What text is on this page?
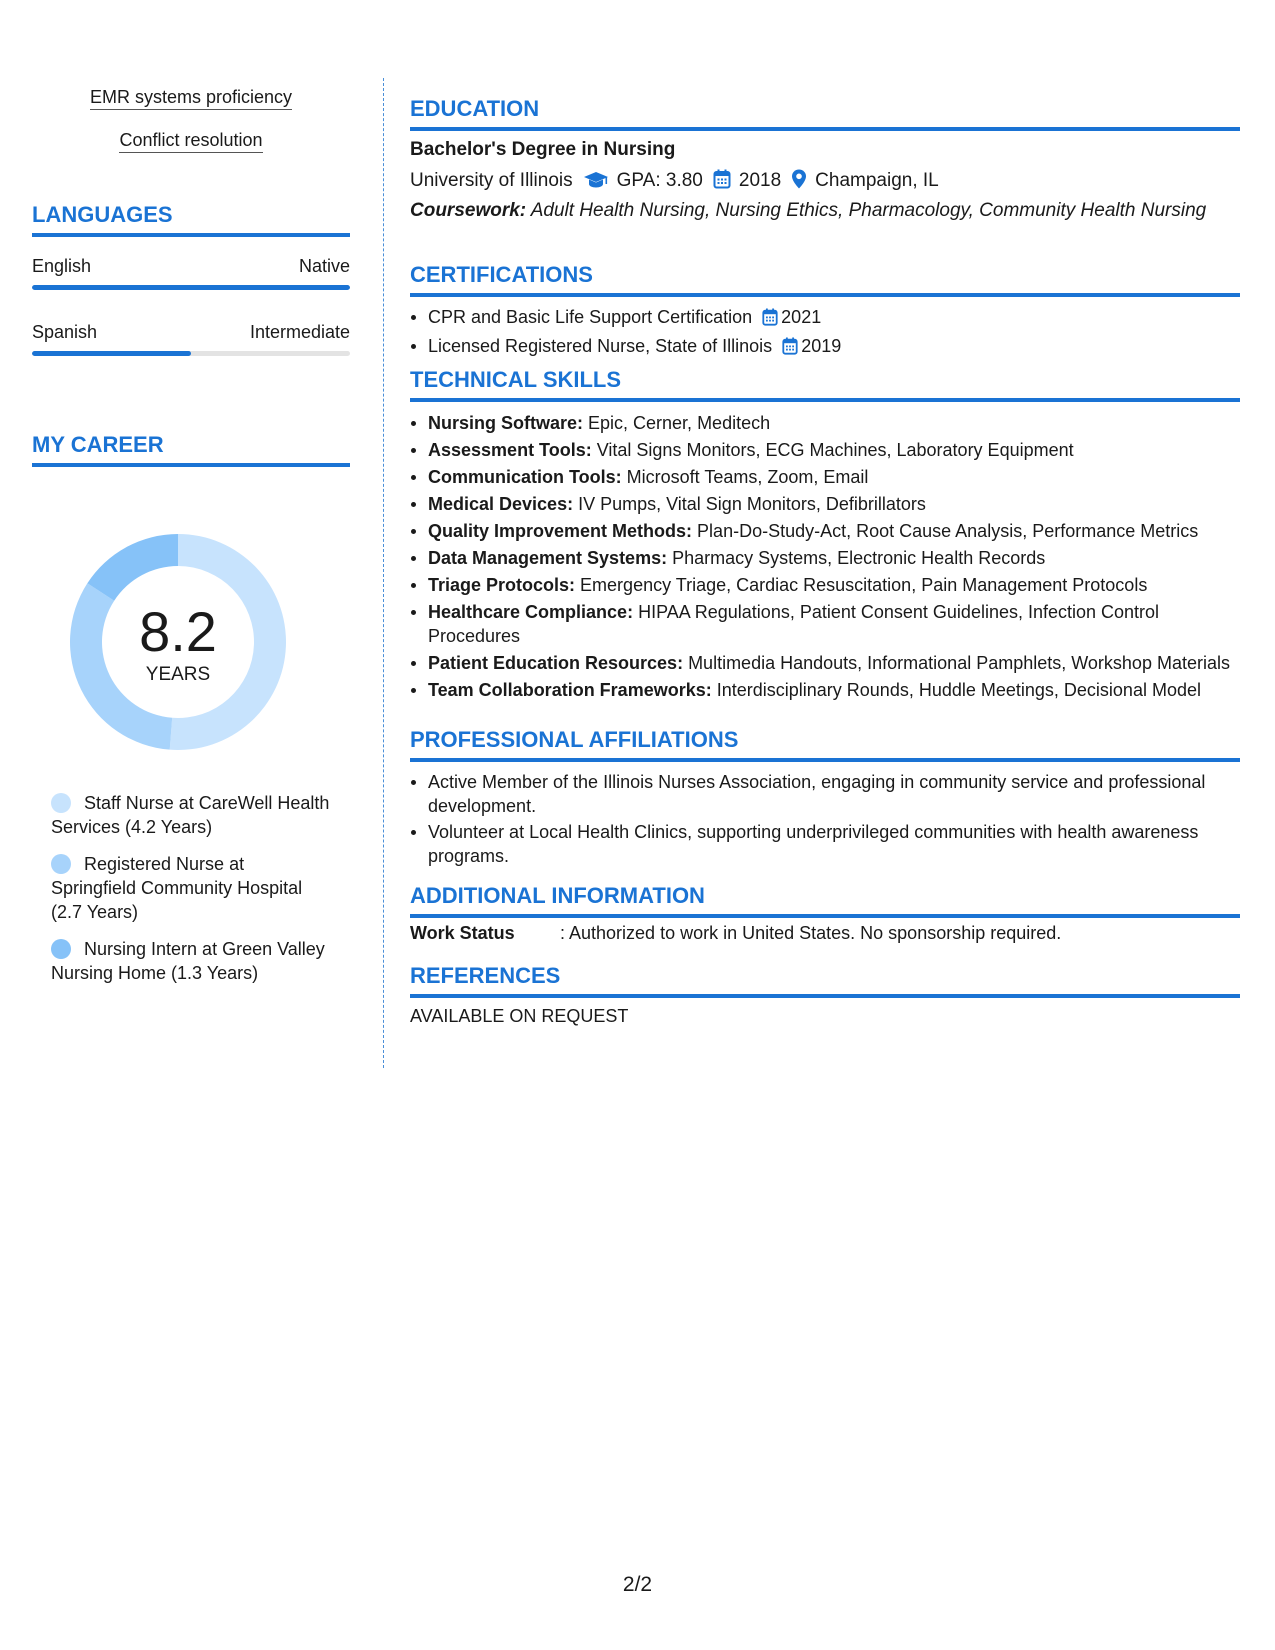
EMR systems proficiency
Conflict resolution
LANGUAGES
English	Native
Spanish	Intermediate
MY CAREER
8.2
YEARS
Staff Nurse at CareWell Health Services (4.2 Years)
Registered Nurse at Springfield Community Hospital (2.7 Years)
Nursing Intern at Green Valley Nursing Home (1.3 Years)
EDUCATION
Bachelor's Degree in Nursing
University of Illinois GPA: 3.80 2018 Champaign, IL
Coursework: Adult Health Nursing, Nursing Ethics, Pharmacology, Community Health Nursing
CERTIFICATIONS
CPR and Basic Life Support Certification 2021
Licensed Registered Nurse, State of Illinois 2019
TECHNICAL SKILLS
Nursing Software: Epic, Cerner, Meditech
Assessment Tools: Vital Signs Monitors, ECG Machines, Laboratory Equipment
Communication Tools: Microsoft Teams, Zoom, Email
Medical Devices: IV Pumps, Vital Sign Monitors, Defibrillators
Quality Improvement Methods: Plan-Do-Study-Act, Root Cause Analysis, Performance Metrics
Data Management Systems: Pharmacy Systems, Electronic Health Records
Triage Protocols: Emergency Triage, Cardiac Resuscitation, Pain Management Protocols
Healthcare Compliance: HIPAA Regulations, Patient Consent Guidelines, Infection Control Procedures
Patient Education Resources: Multimedia Handouts, Informational Pamphlets, Workshop Materials
Team Collaboration Frameworks: Interdisciplinary Rounds, Huddle Meetings, Decisional Model
PROFESSIONAL AFFILIATIONS
Active Member of the Illinois Nurses Association, engaging in community service and professional development.
Volunteer at Local Health Clinics, supporting underprivileged communities with health awareness programs.
ADDITIONAL INFORMATION
Work Status	: Authorized to work in United States. No sponsorship required.
REFERENCES
AVAILABLE ON REQUEST
2/2
